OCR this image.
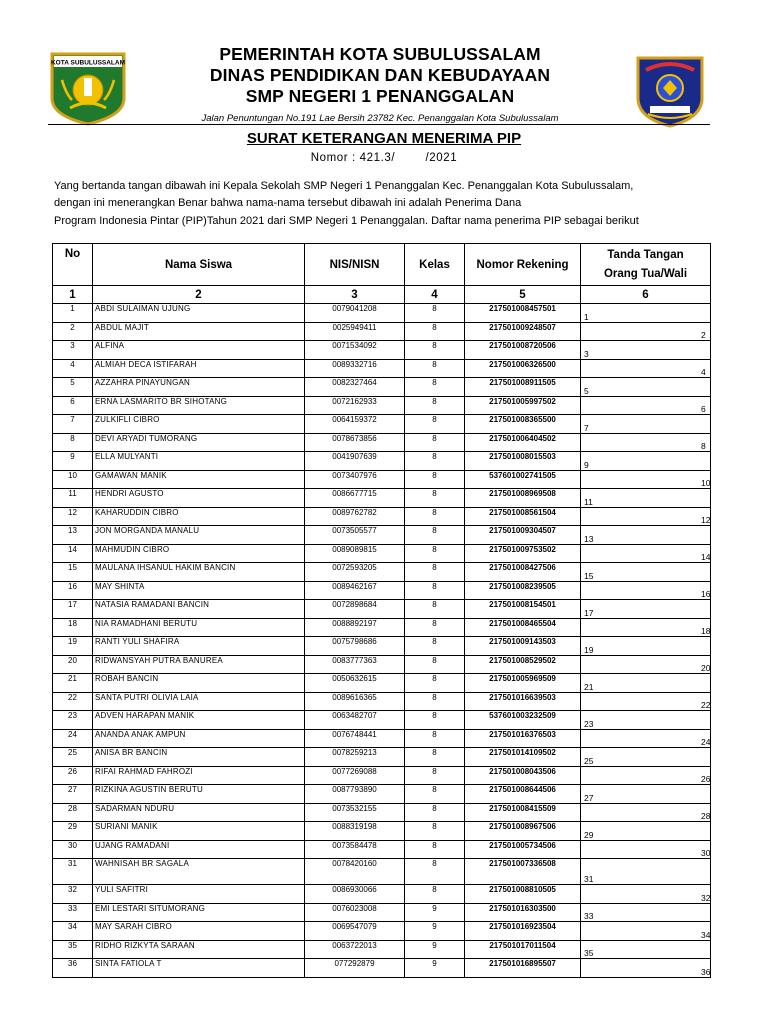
KOTA SUBULUSSALAM	PEMERINTAH KOTA SUBULUSSALAM
DINAS PENDIDIKAN DAN KEBUDAYAAN
SMP NEGERI 1 PENANGGALAN
Jalan Penuntungan No.191 Lae Bersih 23782 Kec. Penanggalan Kota Subulussalam
SURAT KETERANGAN MENERIMA PIP
Nomor : 421.3/        /2021
Yang bertanda tangan dibawah ini Kepala Sekolah SMP Negeri 1 Penanggalan Kec. Penanggalan Kota Subulussalam,
dengan ini menerangkan Benar bahwa nama-nama tersebut dibawah ini adalah Penerima Dana
Program Indonesia Pintar (PIP)Tahun 2021 dari SMP Negeri 1 Penanggalan. Daftar nama penerima PIP sebagai berikut
No	Nama Siswa	NIS/NISN	Kelas	Nomor Rekening	Tanda Tangan
Orang Tua/Wali

1	2	3	4	5	6
1	ABDI SULAIMAN UJUNG	0079041208	8	217501008457501	1

2	ABDUL MAJIT	0025949411	8	217501009248507	2

3	ALFINA	0071534092	8	217501008720506	3

4	ALMIAH DECA ISTIFARAH	0089332716	8	217501006326500	4

5	AZZAHRA PINAYUNGAN	0082327464	8	217501008911505	5

6	ERNA LASMARITO BR SIHOTANG	0072162933	8	217501005997502	6

7	ZULKIFLI CIBRO	0064159372	8	217501008365500	7

8	DEVI ARYADI TUMORANG	0078673856	8	217501006404502	8

9	ELLA MULYANTI	0041907639	8	217501008015503	9

10	GAMAWAN MANIK	0073407976	8	537601002741505	10

11	HENDRI AGUSTO	0086677715	8	217501008969508	11

12	KAHARUDDIN CIBRO	0089762782	8	217501008561504	12

13	JON MORGANDA MANALU	0073505577	8	217501009304507	13

14	MAHMUDIN CIBRO	0089089815	8	217501009753502	14

15	MAULANA IHSANUL HAKIM BANCIN	0072593205	8	217501008427506	15

16	MAY SHINTA	0089462167	8	217501008239505	16

17	NATASIA RAMADANI BANCIN	0072898684	8	217501008154501	17

18	NIA RAMADHANI BERUTU	0088892197	8	217501008465504	18

19	RANTI YULI SHAFIRA	0075798686	8	217501009143503	19

20	RIDWANSYAH PUTRA BANUREA	0083777363	8	217501008529502	20

21	ROBAH BANCIN	0050632615	8	217501005969509	21

22	SANTA PUTRI OLIVIA LAIA	0089616365	8	217501016639503	22

23	ADVEN HARAPAN MANIK	0063482707	8	537601003232509	23

24	ANANDA ANAK AMPUN	0076748441	8	217501016376503	24

25	ANISA BR BANCIN	0078259213	8	217501014109502	25

26	RIFAI RAHMAD FAHROZI	0077269088	8	217501008043506	26

27	RIZKINA AGUSTIN BERUTU	0087793890	8	217501008644506	27

28	SADARMAN NDURU	0073532155	8	217501008415509	28

29	SURIANI MANIK	0088319198	8	217501008967506	29

30	UJANG RAMADANI	0073584478	8	217501005734506	30

31	WAHNISAH BR SAGALA	0078420160	8	217501007336508	31

32	YULI SAFITRI	0086930066	8	217501008810505	32

33	EMI LESTARI SITUMORANG	0076023008	9	217501016303500	33

34	MAY SARAH CIBRO	0069547079	9	217501016923504	34

35	RIDHO RIZKYTA SARAAN	0063722013	9	217501017011504	35

36	SINTA FATIOLA T	077292879	9	217501016895507	36
